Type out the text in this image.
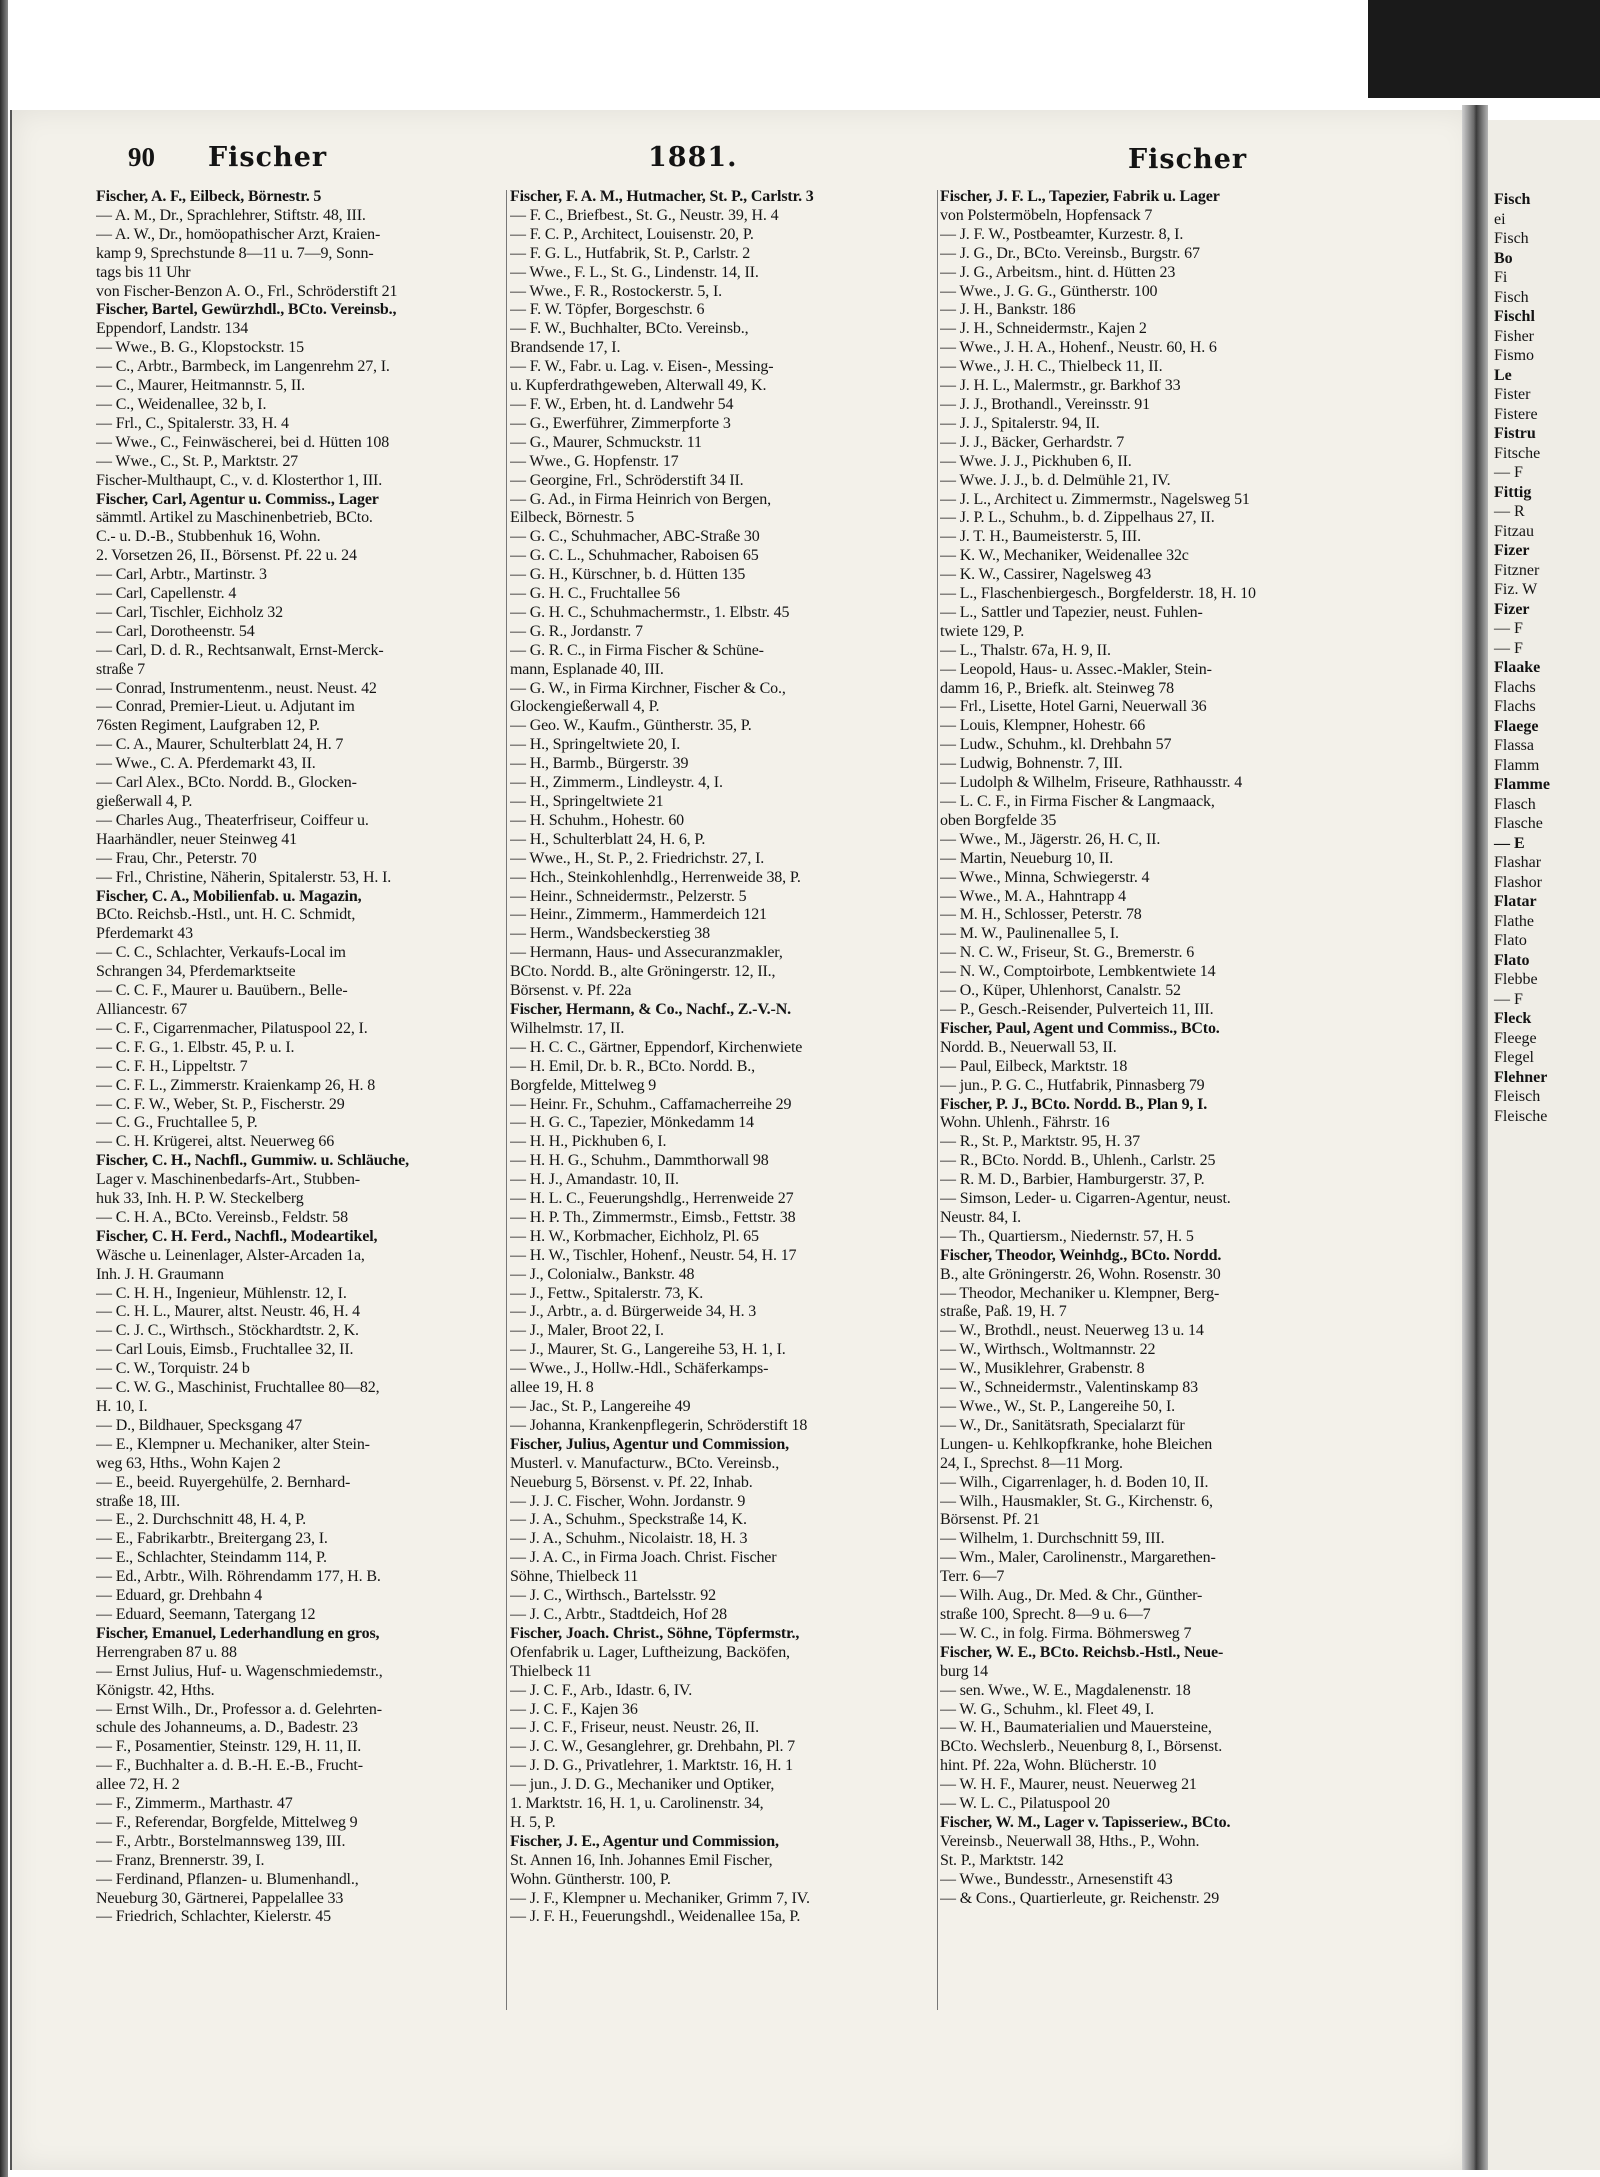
Fisch
ei
Fisch
Bo
Fi
Fisch
Fischl
Fisher
Fismo
Le
Fister
Fistere
Fistru
Fitsche
— F
Fittig
— R
Fitzau
Fizer
Fitzner
Fiz. W
Fizer
— F
— F
Flaake
Flachs
Flachs
Flaege
Flassa
Flamm
Flamme
Flasch
Flasche
— E
Flashar
Flashor
Flatar
Flathe
Flato
Flato
Flebbe
— F
Fleck
Fleege
Flegel
Flehner
Fleisch
Fleische
90 Fischer	1881.	Fischer
Fischer, A. F., Eilbeck, Börnestr. 5
— A. M., Dr., Sprachlehrer, Stiftstr. 48, III.
— A. W., Dr., homöopathischer Arzt, Kraien-
kamp 9, Sprechstunde 8—11 u. 7—9, Sonn-
tags bis 11 Uhr
von Fischer-Benzon A. O., Frl., Schröderstift 21
Fischer, Bartel, Gewürzhdl., BCto. Vereinsb.,
Eppendorf, Landstr. 134
— Wwe., B. G., Klopstockstr. 15
— C., Arbtr., Barmbeck, im Langenrehm 27, I.
— C., Maurer, Heitmannstr. 5, II.
— C., Weidenallee, 32 b, I.
— Frl., C., Spitalerstr. 33, H. 4
— Wwe., C., Feinwäscherei, bei d. Hütten 108
— Wwe., C., St. P., Marktstr. 27
Fischer-Multhaupt, C., v. d. Klosterthor 1, III.
Fischer, Carl, Agentur u. Commiss., Lager
sämmtl. Artikel zu Maschinenbetrieb, BCto.
C.- u. D.-B., Stubbenhuk 16, Wohn.
2. Vorsetzen 26, II., Börsenst. Pf. 22 u. 24
— Carl, Arbtr., Martinstr. 3
— Carl, Capellenstr. 4
— Carl, Tischler, Eichholz 32
— Carl, Dorotheenstr. 54
— Carl, D. d. R., Rechtsanwalt, Ernst-Merck-
straße 7
— Conrad, Instrumentenm., neust. Neust. 42
— Conrad, Premier-Lieut. u. Adjutant im
76sten Regiment, Laufgraben 12, P.
— C. A., Maurer, Schulterblatt 24, H. 7
— Wwe., C. A. Pferdemarkt 43, II.
— Carl Alex., BCto. Nordd. B., Glocken-
gießerwall 4, P.
— Charles Aug., Theaterfriseur, Coiffeur u.
Haarhändler, neuer Steinweg 41
— Frau, Chr., Peterstr. 70
— Frl., Christine, Näherin, Spitalerstr. 53, H. I.
Fischer, C. A., Mobilienfab. u. Magazin,
BCto. Reichsb.-Hstl., unt. H. C. Schmidt,
Pferdemarkt 43
— C. C., Schlachter, Verkaufs-Local im
Schrangen 34, Pferdemarktseite
— C. C. F., Maurer u. Bauübern., Belle-
Alliancestr. 67
— C. F., Cigarrenmacher, Pilatuspool 22, I.
— C. F. G., 1. Elbstr. 45, P. u. I.
— C. F. H., Lippeltstr. 7
— C. F. L., Zimmerstr. Kraienkamp 26, H. 8
— C. F. W., Weber, St. P., Fischerstr. 29
— C. G., Fruchtallee 5, P.
— C. H. Krügerei, altst. Neuerweg 66
Fischer, C. H., Nachfl., Gummiw. u. Schläuche,
Lager v. Maschinenbedarfs-Art., Stubben-
huk 33, Inh. H. P. W. Steckelberg
— C. H. A., BCto. Vereinsb., Feldstr. 58
Fischer, C. H. Ferd., Nachfl., Modeartikel,
Wäsche u. Leinenlager, Alster-Arcaden 1a,
Inh. J. H. Graumann
— C. H. H., Ingenieur, Mühlenstr. 12, I.
— C. H. L., Maurer, altst. Neustr. 46, H. 4
— C. J. C., Wirthsch., Stöckhardtstr. 2, K.
— Carl Louis, Eimsb., Fruchtallee 32, II.
— C. W., Torquistr. 24 b
— C. W. G., Maschinist, Fruchtallee 80—82,
H. 10, I.
— D., Bildhauer, Specksgang 47
— E., Klempner u. Mechaniker, alter Stein-
weg 63, Hths., Wohn Kajen 2
— E., beeid. Ruyergehülfe, 2. Bernhard-
straße 18, III.
— E., 2. Durchschnitt 48, H. 4, P.
— E., Fabrikarbtr., Breitergang 23, I.
— E., Schlachter, Steindamm 114, P.
— Ed., Arbtr., Wilh. Röhrendamm 177, H. B.
— Eduard, gr. Drehbahn 4
— Eduard, Seemann, Tatergang 12
Fischer, Emanuel, Lederhandlung en gros,
Herrengraben 87 u. 88
— Ernst Julius, Huf- u. Wagenschmiedemstr.,
Königstr. 42, Hths.
— Ernst Wilh., Dr., Professor a. d. Gelehrten-
schule des Johanneums, a. D., Badestr. 23
— F., Posamentier, Steinstr. 129, H. 11, II.
— F., Buchhalter a. d. B.-H. E.-B., Frucht-
allee 72, H. 2
— F., Zimmerm., Marthastr. 47
— F., Referendar, Borgfelde, Mittelweg 9
— F., Arbtr., Borstelmannsweg 139, III.
— Franz, Brennerstr. 39, I.
— Ferdinand, Pflanzen- u. Blumenhandl.,
Neueburg 30, Gärtnerei, Pappelallee 33
— Friedrich, Schlachter, Kielerstr. 45
Fischer, F. A. M., Hutmacher, St. P., Carlstr. 3
— F. C., Briefbest., St. G., Neustr. 39, H. 4
— F. C. P., Architect, Louisenstr. 20, P.
— F. G. L., Hutfabrik, St. P., Carlstr. 2
— Wwe., F. L., St. G., Lindenstr. 14, II.
— Wwe., F. R., Rostockerstr. 5, I.
— F. W. Töpfer, Borgeschstr. 6
— F. W., Buchhalter, BCto. Vereinsb.,
Brandsende 17, I.
— F. W., Fabr. u. Lag. v. Eisen-, Messing-
u. Kupferdrathgeweben, Alterwall 49, K.
— F. W., Erben, ht. d. Landwehr 54
— G., Ewerführer, Zimmerpforte 3
— G., Maurer, Schmuckstr. 11
— Wwe., G. Hopfenstr. 17
— Georgine, Frl., Schröderstift 34 II.
— G. Ad., in Firma Heinrich von Bergen,
Eilbeck, Börnestr. 5
— G. C., Schuhmacher, ABC-Straße 30
— G. C. L., Schuhmacher, Raboisen 65
— G. H., Kürschner, b. d. Hütten 135
— G. H. C., Fruchtallee 56
— G. H. C., Schuhmachermstr., 1. Elbstr. 45
— G. R., Jordanstr. 7
— G. R. C., in Firma Fischer & Schüne-
mann, Esplanade 40, III.
— G. W., in Firma Kirchner, Fischer & Co.,
Glockengießerwall 4, P.
— Geo. W., Kaufm., Güntherstr. 35, P.
— H., Springeltwiete 20, I.
— H., Barmb., Bürgerstr. 39
— H., Zimmerm., Lindleystr. 4, I.
— H., Springeltwiete 21
— H. Schuhm., Hohestr. 60
— H., Schulterblatt 24, H. 6, P.
— Wwe., H., St. P., 2. Friedrichstr. 27, I.
— Hch., Steinkohlenhdlg., Herrenweide 38, P.
— Heinr., Schneidermstr., Pelzerstr. 5
— Heinr., Zimmerm., Hammerdeich 121
— Herm., Wandsbeckerstieg 38
— Hermann, Haus- und Assecuranzmakler,
BCto. Nordd. B., alte Gröningerstr. 12, II.,
Börsenst. v. Pf. 22a
Fischer, Hermann, & Co., Nachf., Z.-V.-N.
Wilhelmstr. 17, II.
— H. C. C., Gärtner, Eppendorf, Kirchenwiete
— H. Emil, Dr. b. R., BCto. Nordd. B.,
Borgfelde, Mittelweg 9
— Heinr. Fr., Schuhm., Caffamacherreihe 29
— H. G. C., Tapezier, Mönkedamm 14
— H. H., Pickhuben 6, I.
— H. H. G., Schuhm., Dammthorwall 98
— H. J., Amandastr. 10, II.
— H. L. C., Feuerungshdlg., Herrenweide 27
— H. P. Th., Zimmermstr., Eimsb., Fettstr. 38
— H. W., Korbmacher, Eichholz, Pl. 65
— H. W., Tischler, Hohenf., Neustr. 54, H. 17
— J., Colonialw., Bankstr. 48
— J., Fettw., Spitalerstr. 73, K.
— J., Arbtr., a. d. Bürgerweide 34, H. 3
— J., Maler, Broot 22, I.
— J., Maurer, St. G., Langereihe 53, H. 1, I.
— Wwe., J., Hollw.-Hdl., Schäferkamps-
allee 19, H. 8
— Jac., St. P., Langereihe 49
— Johanna, Krankenpflegerin, Schröderstift 18
Fischer, Julius, Agentur und Commission,
Musterl. v. Manufacturw., BCto. Vereinsb.,
Neueburg 5, Börsenst. v. Pf. 22, Inhab.
— J. J. C. Fischer, Wohn. Jordanstr. 9
— J. A., Schuhm., Speckstraße 14, K.
— J. A., Schuhm., Nicolaistr. 18, H. 3
— J. A. C., in Firma Joach. Christ. Fischer
Söhne, Thielbeck 11
— J. C., Wirthsch., Bartelsstr. 92
— J. C., Arbtr., Stadtdeich, Hof 28
Fischer, Joach. Christ., Söhne, Töpfermstr.,
Ofenfabrik u. Lager, Luftheizung, Backöfen,
Thielbeck 11
— J. C. F., Arb., Idastr. 6, IV.
— J. C. F., Kajen 36
— J. C. F., Friseur, neust. Neustr. 26, II.
— J. C. W., Gesanglehrer, gr. Drehbahn, Pl. 7
— J. D. G., Privatlehrer, 1. Marktstr. 16, H. 1
— jun., J. D. G., Mechaniker und Optiker,
1. Marktstr. 16, H. 1, u. Carolinenstr. 34,
H. 5, P.
Fischer, J. E., Agentur und Commission,
St. Annen 16, Inh. Johannes Emil Fischer,
Wohn. Güntherstr. 100, P.
— J. F., Klempner u. Mechaniker, Grimm 7, IV.
— J. F. H., Feuerungshdl., Weidenallee 15a, P.
Fischer, J. F. L., Tapezier, Fabrik u. Lager
von Polstermöbeln, Hopfensack 7
— J. F. W., Postbeamter, Kurzestr. 8, I.
— J. G., Dr., BCto. Vereinsb., Burgstr. 67
— J. G., Arbeitsm., hint. d. Hütten 23
— Wwe., J. G. G., Güntherstr. 100
— J. H., Bankstr. 186
— J. H., Schneidermstr., Kajen 2
— Wwe., J. H. A., Hohenf., Neustr. 60, H. 6
— Wwe., J. H. C., Thielbeck 11, II.
— J. H. L., Malermstr., gr. Barkhof 33
— J. J., Brothandl., Vereinsstr. 91
— J. J., Spitalerstr. 94, II.
— J. J., Bäcker, Gerhardstr. 7
— Wwe. J. J., Pickhuben 6, II.
— Wwe. J. J., b. d. Delmühle 21, IV.
— J. L., Architect u. Zimmermstr., Nagelsweg 51
— J. P. L., Schuhm., b. d. Zippelhaus 27, II.
— J. T. H., Baumeisterstr. 5, III.
— K. W., Mechaniker, Weidenallee 32c
— K. W., Cassirer, Nagelsweg 43
— L., Flaschenbiergesch., Borgfelderstr. 18, H. 10
— L., Sattler und Tapezier, neust. Fuhlen-
twiete 129, P.
— L., Thalstr. 67a, H. 9, II.
— Leopold, Haus- u. Assec.-Makler, Stein-
damm 16, P., Briefk. alt. Steinweg 78
— Frl., Lisette, Hotel Garni, Neuerwall 36
— Louis, Klempner, Hohestr. 66
— Ludw., Schuhm., kl. Drehbahn 57
— Ludwig, Bohnenstr. 7, III.
— Ludolph & Wilhelm, Friseure, Rathhausstr. 4
— L. C. F., in Firma Fischer & Langmaack,
oben Borgfelde 35
— Wwe., M., Jägerstr. 26, H. C, II.
— Martin, Neueburg 10, II.
— Wwe., Minna, Schwiegerstr. 4
— Wwe., M. A., Hahntrapp 4
— M. H., Schlosser, Peterstr. 78
— M. W., Paulinenallee 5, I.
— N. C. W., Friseur, St. G., Bremerstr. 6
— N. W., Comptoirbote, Lembkentwiete 14
— O., Küper, Uhlenhorst, Canalstr. 52
— P., Gesch.-Reisender, Pulverteich 11, III.
Fischer, Paul, Agent und Commiss., BCto.
Nordd. B., Neuerwall 53, II.
— Paul, Eilbeck, Marktstr. 18
— jun., P. G. C., Hutfabrik, Pinnasberg 79
Fischer, P. J., BCto. Nordd. B., Plan 9, I.
Wohn. Uhlenh., Fährstr. 16
— R., St. P., Marktstr. 95, H. 37
— R., BCto. Nordd. B., Uhlenh., Carlstr. 25
— R. M. D., Barbier, Hamburgerstr. 37, P.
— Simson, Leder- u. Cigarren-Agentur, neust.
Neustr. 84, I.
— Th., Quartiersm., Niedernstr. 57, H. 5
Fischer, Theodor, Weinhdg., BCto. Nordd.
B., alte Gröningerstr. 26, Wohn. Rosenstr. 30
— Theodor, Mechaniker u. Klempner, Berg-
straße, Paß. 19, H. 7
— W., Brothdl., neust. Neuerweg 13 u. 14
— W., Wirthsch., Woltmannstr. 22
— W., Musiklehrer, Grabenstr. 8
— W., Schneidermstr., Valentinskamp 83
— Wwe., W., St. P., Langereihe 50, I.
— W., Dr., Sanitätsrath, Specialarzt für
Lungen- u. Kehlkopfkranke, hohe Bleichen
24, I., Sprechst. 8—11 Morg.
— Wilh., Cigarrenlager, h. d. Boden 10, II.
— Wilh., Hausmakler, St. G., Kirchenstr. 6,
Börsenst. Pf. 21
— Wilhelm, 1. Durchschnitt 59, III.
— Wm., Maler, Carolinenstr., Margarethen-
Terr. 6—7
— Wilh. Aug., Dr. Med. & Chr., Günther-
straße 100, Sprecht. 8—9 u. 6—7
— W. C., in folg. Firma. Böhmersweg 7
Fischer, W. E., BCto. Reichsb.-Hstl., Neue-
burg 14
— sen. Wwe., W. E., Magdalenenstr. 18
— W. G., Schuhm., kl. Fleet 49, I.
— W. H., Baumaterialien und Mauersteine,
BCto. Wechslerb., Neuenburg 8, I., Börsenst.
hint. Pf. 22a, Wohn. Blücherstr. 10
— W. H. F., Maurer, neust. Neuerweg 21
— W. L. C., Pilatuspool 20
Fischer, W. M., Lager v. Tapisseriew., BCto.
Vereinsb., Neuerwall 38, Hths., P., Wohn.
St. P., Marktstr. 142
— Wwe., Bundesstr., Arnesenstift 43
— & Cons., Quartierleute, gr. Reichenstr. 29
